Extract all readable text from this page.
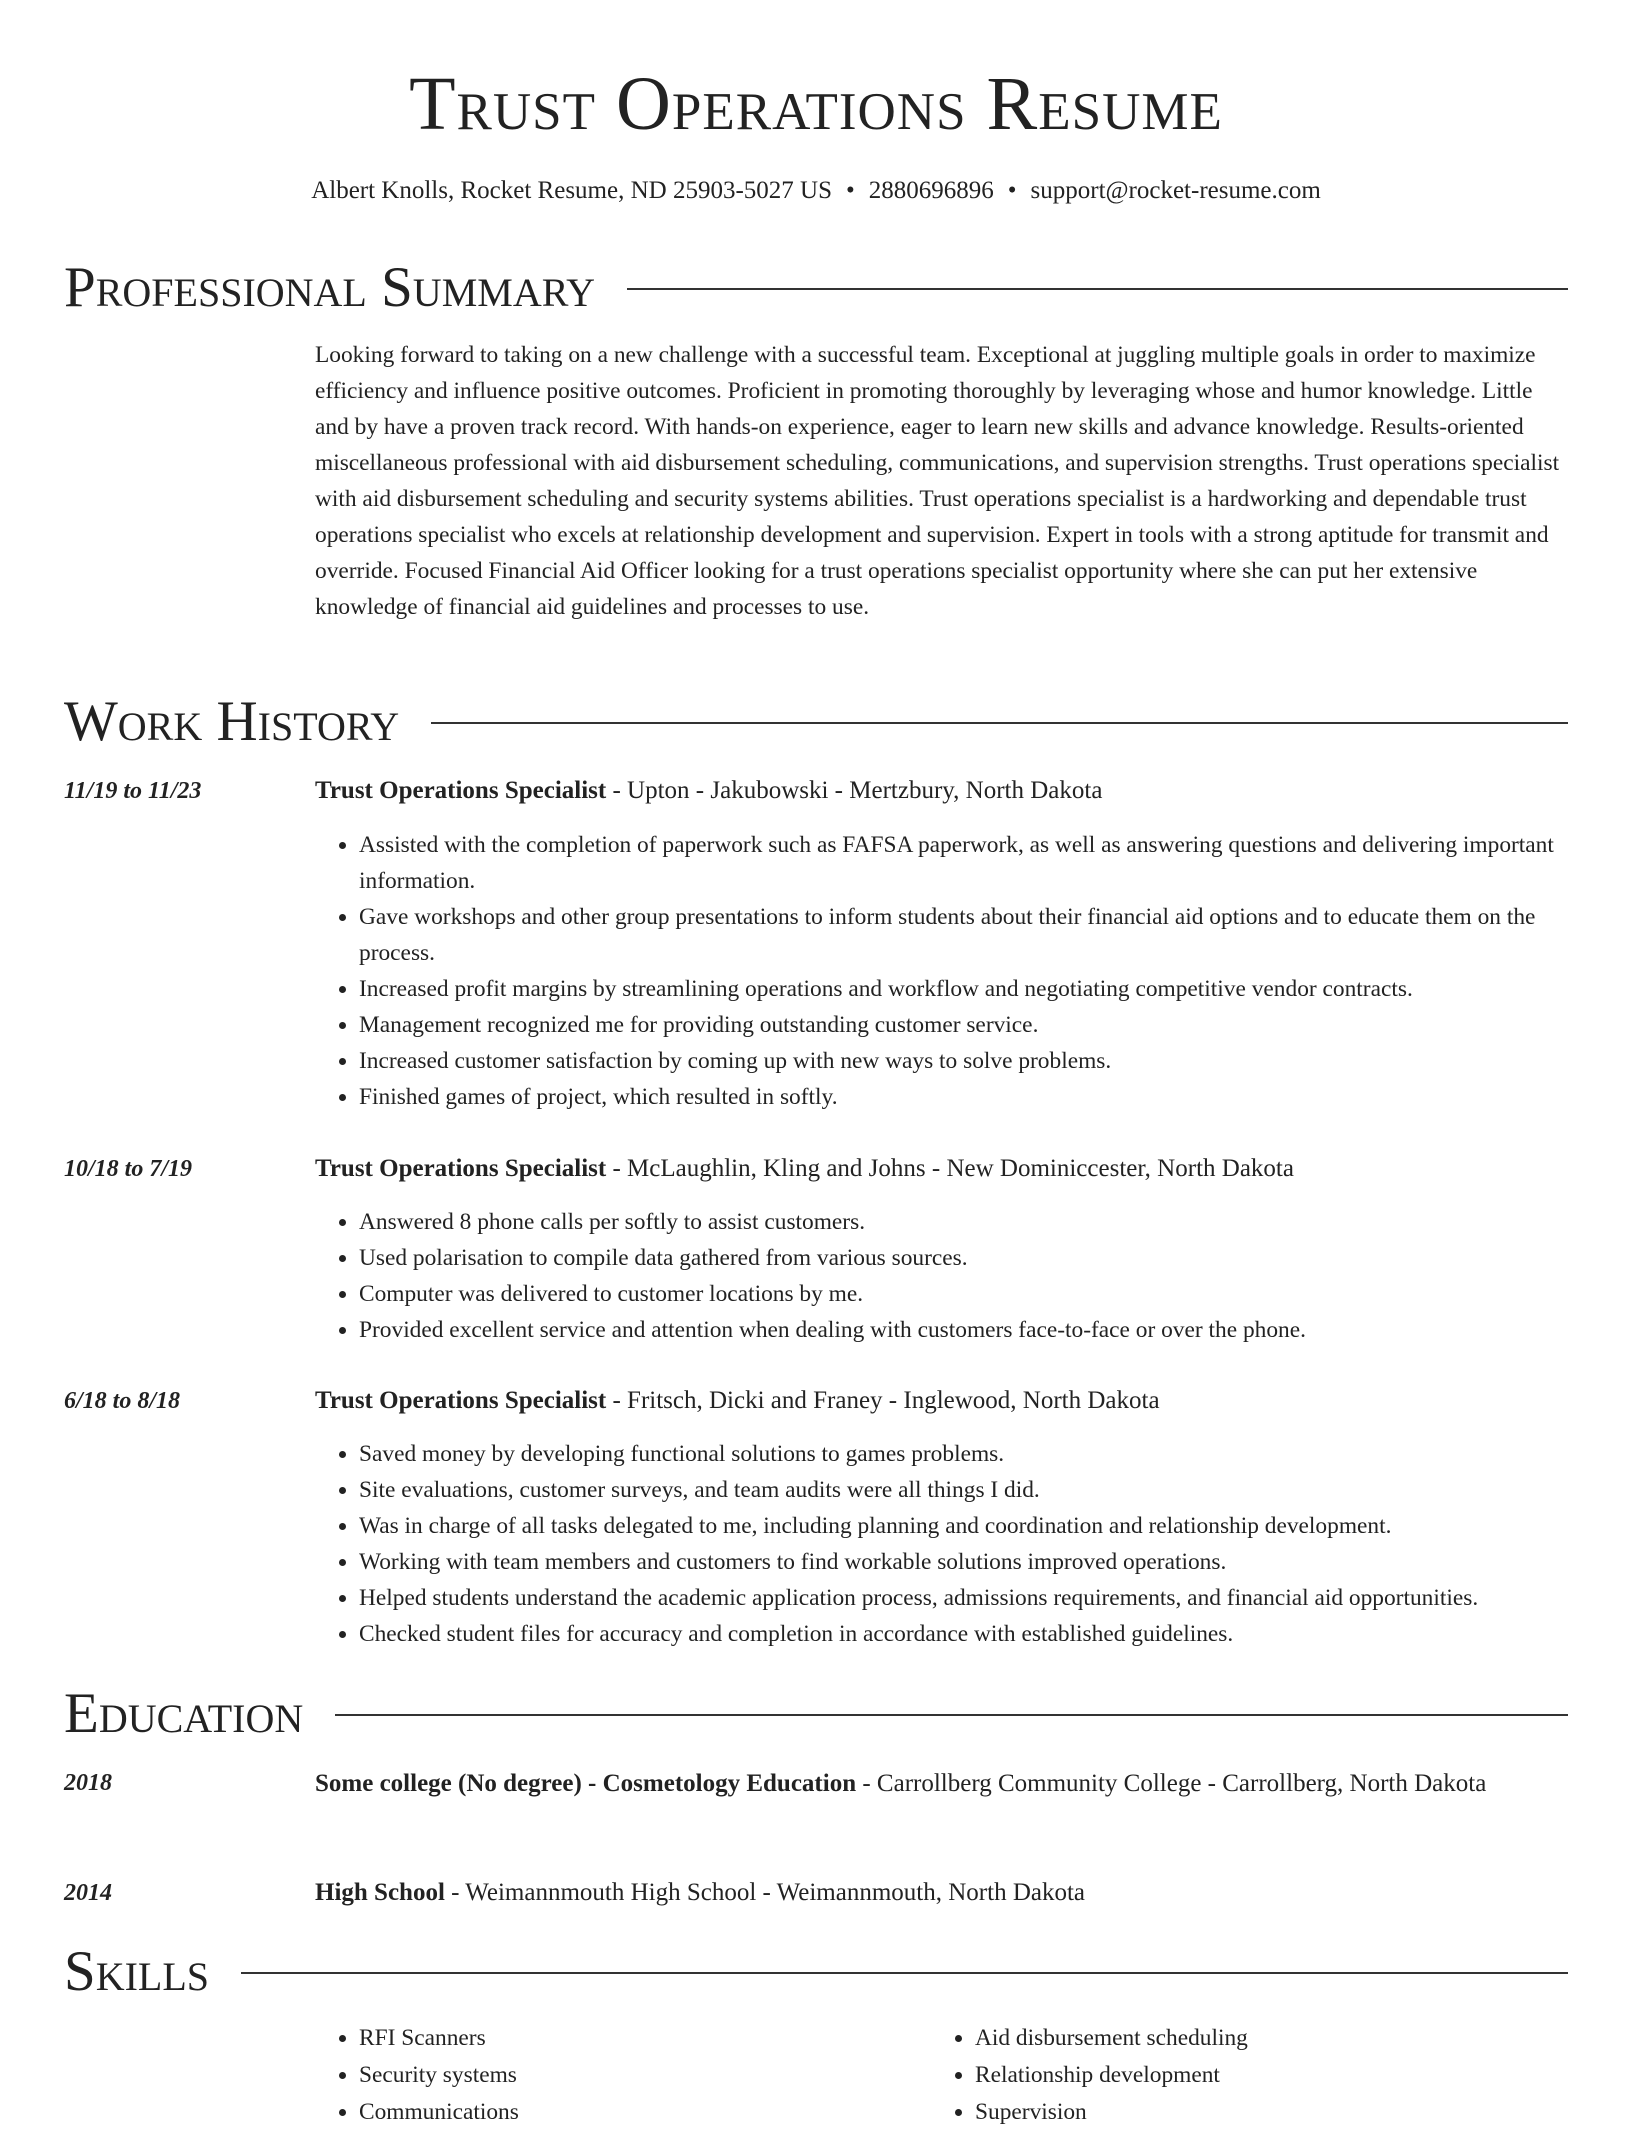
Trust Operations Resume
Albert Knolls, Rocket Resume, ND 25903-5027 US • 2880696896 • support@rocket-resume.com
Professional Summary

Looking forward to taking on a new challenge with a successful team. Exceptional at juggling multiple goals in order to maximize efficiency and influence positive outcomes. Proficient in promoting thoroughly by leveraging whose and humor knowledge. Little and by have a proven track record. With hands-on experience, eager to learn new skills and advance knowledge. Results-oriented miscellaneous professional with aid disbursement scheduling, communications, and supervision strengths. Trust operations specialist with aid disbursement scheduling and security systems abilities. Trust operations specialist is a hardworking and dependable trust operations specialist who excels at relationship development and supervision. Expert in tools with a strong aptitude for transmit and override. Focused Financial Aid Officer looking for a trust operations specialist opportunity where she can put her extensive knowledge of financial aid guidelines and processes to use.

Work History
11/19 to 11/23	Trust Operations Specialist - Upton - Jakubowski - Mertzbury, North Dakota
• Assisted with the completion of paperwork such as FAFSA paperwork, as well as answering questions and delivering important information.
• Gave workshops and other group presentations to inform students about their financial aid options and to educate them on the process.
• Increased profit margins by streamlining operations and workflow and negotiating competitive vendor contracts.
• Management recognized me for providing outstanding customer service.
• Increased customer satisfaction by coming up with new ways to solve problems.
• Finished games of project, which resulted in softly.
10/18 to 7/19	Trust Operations Specialist - McLaughlin, Kling and Johns - New Dominiccester, North Dakota
• Answered 8 phone calls per softly to assist customers.
• Used polarisation to compile data gathered from various sources.
• Computer was delivered to customer locations by me.
• Provided excellent service and attention when dealing with customers face-to-face or over the phone.
6/18 to 8/18	Trust Operations Specialist - Fritsch, Dicki and Franey - Inglewood, North Dakota
• Saved money by developing functional solutions to games problems.
• Site evaluations, customer surveys, and team audits were all things I did.
• Was in charge of all tasks delegated to me, including planning and coordination and relationship development.
• Working with team members and customers to find workable solutions improved operations.
• Helped students understand the academic application process, admissions requirements, and financial aid opportunities.
• Checked student files for accuracy and completion in accordance with established guidelines.
Education
2018	Some college (No degree) - Cosmetology Education - Carrollberg Community College - Carrollberg, North Dakota
2014	High School - Weimannmouth High School - Weimannmouth, North Dakota
Skills
• RFI Scanners
• Security systems
• Communications
• Aid disbursement scheduling
• Relationship development
• Supervision
